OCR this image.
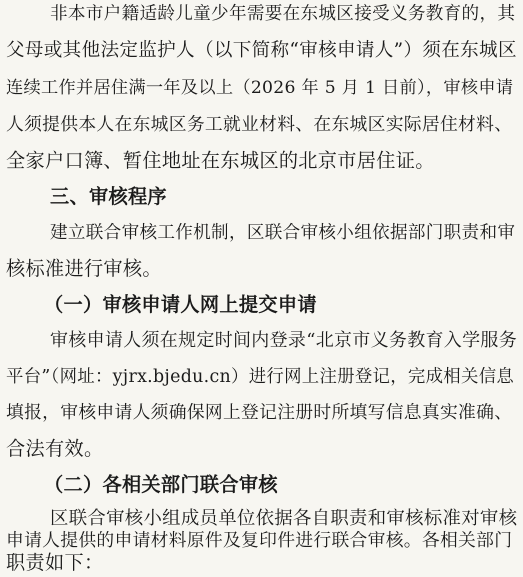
非本市户籍适龄儿童少年需要在东城区接受义务教育的，其
父母或其他法定监护人（以下简称“审核申请人”）须在东城区
连续工作并居住满一年及以上（2026 年 5 月 1 日前），审核申请
人须提供本人在东城区务工就业材料、在东城区实际居住材料、
全家户口簿、暂住地址在东城区的北京市居住证。
三、审核程序
建立联合审核工作机制，区联合审核小组依据部门职责和审
核标准进行审核。
（一）审核申请人网上提交申请
审核申请人须在规定时间内登录“北京市义务教育入学服务
平台”（网址：yjrx.bjedu.cn）进行网上注册登记，完成相关信息
填报，审核申请人须确保网上登记注册时所填写信息真实准确、
合法有效。
（二）各相关部门联合审核
区联合审核小组成员单位依据各自职责和审核标准对审核
申请人提供的申请材料原件及复印件进行联合审核。各相关部门
职责如下：
